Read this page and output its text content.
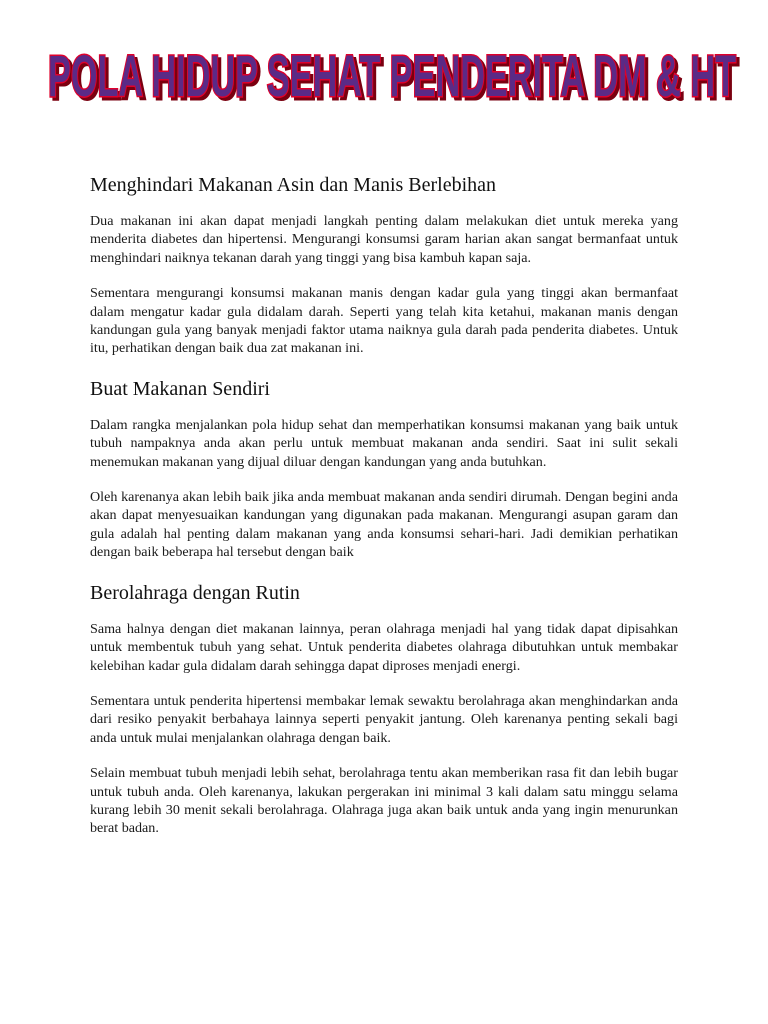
POLA HIDUP SEHAT PENDERITA DM & HT
POLA HIDUP SEHAT PENDERITA DM & HT
Menghindari Makanan Asin dan Manis Berlebihan

Dua makanan ini akan dapat menjadi langkah penting dalam melakukan diet untuk mereka yang menderita diabetes dan hipertensi. Mengurangi konsumsi garam harian akan sangat bermanfaat untuk menghindari naiknya tekanan darah yang tinggi yang bisa kambuh kapan saja.

Sementara mengurangi konsumsi makanan manis dengan kadar gula yang tinggi akan bermanfaat dalam mengatur kadar gula didalam darah. Seperti yang telah kita ketahui, makanan manis dengan kandungan gula yang banyak menjadi faktor utama naiknya gula darah pada penderita diabetes. Untuk itu, perhatikan dengan baik dua zat makanan ini.

Buat Makanan Sendiri

Dalam rangka menjalankan pola hidup sehat dan memperhatikan konsumsi makanan yang baik untuk tubuh nampaknya anda akan perlu untuk membuat makanan anda sendiri. Saat ini sulit sekali menemukan makanan yang dijual diluar dengan kandungan yang anda butuhkan.

Oleh karenanya akan lebih baik jika anda membuat makanan anda sendiri dirumah. Dengan begini anda akan dapat menyesuaikan kandungan yang digunakan pada makanan. Mengurangi asupan garam dan gula adalah hal penting dalam makanan yang anda konsumsi sehari-hari. Jadi demikian perhatikan dengan baik beberapa hal tersebut dengan baik

Berolahraga dengan Rutin

Sama halnya dengan diet makanan lainnya, peran olahraga menjadi hal yang tidak dapat dipisahkan untuk membentuk tubuh yang sehat. Untuk penderita diabetes olahraga dibutuhkan untuk membakar kelebihan kadar gula didalam darah sehingga dapat diproses menjadi energi.

Sementara untuk penderita hipertensi membakar lemak sewaktu berolahraga akan menghindarkan anda dari resiko penyakit berbahaya lainnya seperti penyakit jantung. Oleh karenanya penting sekali bagi anda untuk mulai menjalankan olahraga dengan baik.

Selain membuat tubuh menjadi lebih sehat, berolahraga tentu akan memberikan rasa fit dan lebih bugar untuk tubuh anda. Oleh karenanya, lakukan pergerakan ini minimal 3 kali dalam satu minggu selama kurang lebih 30 menit sekali berolahraga. Olahraga juga akan baik untuk anda yang ingin menurunkan berat badan.
